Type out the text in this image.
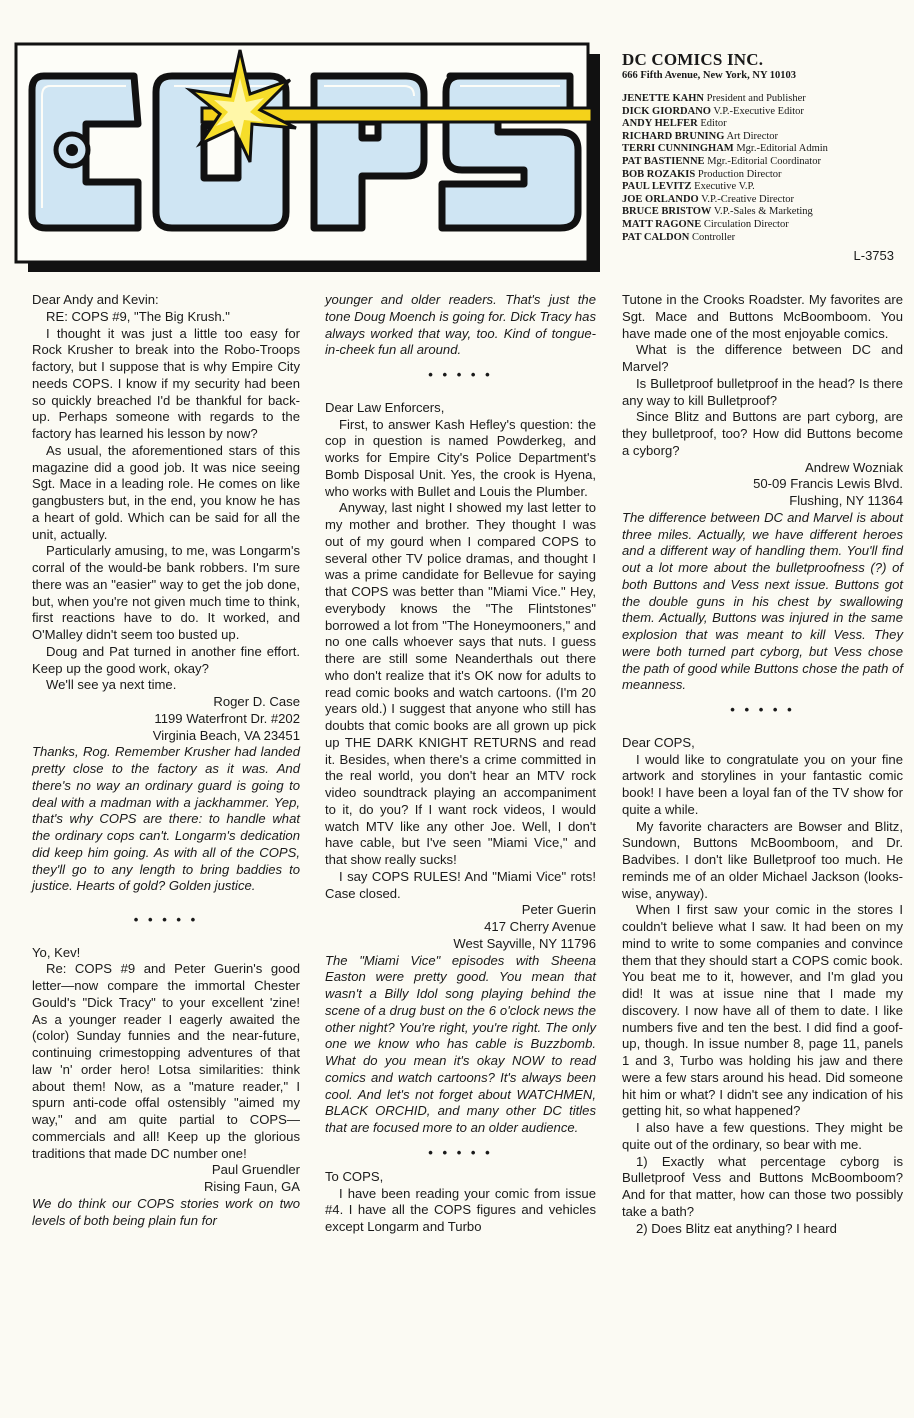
DC COMICS INC.
666 Fifth Avenue, New York, NY 10103
JENETTE KAHN President and Publisher
DICK GIORDANO V.P.-Executive Editor
ANDY HELFER Editor
RICHARD BRUNING Art Director
TERRI CUNNINGHAM Mgr.-Editorial Admin
PAT BASTIENNE Mgr.-Editorial Coordinator
BOB ROZAKIS Production Director
PAUL LEVITZ Executive V.P.
JOE ORLANDO V.P.-Creative Director
BRUCE BRISTOW V.P.-Sales & Marketing
MATT RAGONE Circulation Director
PAT CALDON Controller
L-3753

Dear Andy and Kevin:

RE: COPS #9, "The Big Krush."

I thought it was just a little too easy for Rock Krusher to break into the Robo-Troops factory, but I suppose that is why Empire City needs COPS. I know if my security had been so quickly breached I'd be thankful for back-up. Perhaps someone with regards to the factory has learned his lesson by now?

As usual, the aforementioned stars of this magazine did a good job. It was nice seeing Sgt. Mace in a leading role. He comes on like gangbusters but, in the end, you know he has a heart of gold. Which can be said for all the unit, actually.

Particularly amusing, to me, was Longarm's corral of the would-be bank robbers. I'm sure there was an "easier" way to get the job done, but, when you're not given much time to think, first reactions have to do. It worked, and O'Malley didn't seem too busted up.

Doug and Pat turned in another fine effort. Keep up the good work, okay?

We'll see ya next time.

Roger D. Case

1199 Waterfront Dr. #202

Virginia Beach, VA 23451

Thanks, Rog. Remember Krusher had landed pretty close to the factory as it was. And there's no way an ordinary guard is going to deal with a madman with a jackhammer. Yep, that's why COPS are there: to handle what the ordinary cops can't. Longarm's dedication did keep him going. As with all of the COPS, they'll go to any length to bring baddies to justice. Hearts of gold? Golden justice.

• • • • •

Yo, Kev!

Re: COPS #9 and Peter Guerin's good letter—now compare the immortal Chester Gould's "Dick Tracy" to your excellent 'zine! As a younger reader I eagerly awaited the (color) Sunday funnies and the near-future, continuing crimestopping adventures of that law 'n' order hero! Lotsa similarities: think about them! Now, as a "mature reader," I spurn anti-code offal ostensibly "aimed my way," and am quite partial to COPS—commercials and all! Keep up the glorious traditions that made DC number one!

Paul Gruendler

Rising Faun, GA

We do think our COPS stories work on two levels of both being plain fun for

younger and older readers. That's just the tone Doug Moench is going for. Dick Tracy has always worked that way, too. Kind of tongue-in-cheek fun all around.

• • • • •

Dear Law Enforcers,

First, to answer Kash Hefley's question: the cop in question is named Powderkeg, and works for Empire City's Police Department's Bomb Disposal Unit. Yes, the crook is Hyena, who works with Bullet and Louis the Plumber.

Anyway, last night I showed my last letter to my mother and brother. They thought I was out of my gourd when I compared COPS to several other TV police dramas, and thought I was a prime candidate for Bellevue for saying that COPS was better than "Miami Vice." Hey, everybody knows the "The Flintstones" borrowed a lot from "The Honeymooners," and no one calls whoever says that nuts. I guess there are still some Neanderthals out there who don't realize that it's OK now for adults to read comic books and watch cartoons. (I'm 20 years old.) I suggest that anyone who still has doubts that comic books are all grown up pick up THE DARK KNIGHT RETURNS and read it. Besides, when there's a crime committed in the real world, you don't hear an MTV rock video soundtrack playing an accompaniment to it, do you? If I want rock videos, I would watch MTV like any other Joe. Well, I don't have cable, but I've seen "Miami Vice," and that show really sucks!

I say COPS RULES! And "Miami Vice" rots! Case closed.

Peter Guerin

417 Cherry Avenue

West Sayville, NY 11796

The "Miami Vice" episodes with Sheena Easton were pretty good. You mean that wasn't a Billy Idol song playing behind the scene of a drug bust on the 6 o'clock news the other night? You're right, you're right. The only one we know who has cable is Buzzbomb. What do you mean it's okay NOW to read comics and watch cartoons? It's always been cool. And let's not forget about WATCHMEN, BLACK ORCHID, and many other DC titles that are focused more to an older audience.

• • • • •

To COPS,

I have been reading your comic from issue #4. I have all the COPS figures and vehicles except Longarm and Turbo

Tutone in the Crooks Roadster. My favorites are Sgt. Mace and Buttons McBoomboom. You have made one of the most enjoyable comics.

What is the difference between DC and Marvel?

Is Bulletproof bulletproof in the head? Is there any way to kill Bulletproof?

Since Blitz and Buttons are part cyborg, are they bulletproof, too? How did Buttons become a cyborg?

Andrew Wozniak

50-09 Francis Lewis Blvd.

Flushing, NY 11364

The difference between DC and Marvel is about three miles. Actually, we have different heroes and a different way of handling them. You'll find out a lot more about the bulletproofness (?) of both Buttons and Vess next issue. Buttons got the double guns in his chest by swallowing them. Actually, Buttons was injured in the same explosion that was meant to kill Vess. They were both turned part cyborg, but Vess chose the path of good while Buttons chose the path of meanness.

• • • • •

Dear COPS,

I would like to congratulate you on your fine artwork and storylines in your fantastic comic book! I have been a loyal fan of the TV show for quite a while.

My favorite characters are Bowser and Blitz, Sundown, Buttons McBoomboom, and Dr. Badvibes. I don't like Bulletproof too much. He reminds me of an older Michael Jackson (looks-wise, anyway).

When I first saw your comic in the stores I couldn't believe what I saw. It had been on my mind to write to some companies and convince them that they should start a COPS comic book. You beat me to it, however, and I'm glad you did! It was at issue nine that I made my discovery. I now have all of them to date. I like numbers five and ten the best. I did find a goof-up, though. In issue number 8, page 11, panels 1 and 3, Turbo was holding his jaw and there were a few stars around his head. Did someone hit him or what? I didn't see any indication of his getting hit, so what happened?

I also have a few questions. They might be quite out of the ordinary, so bear with me.

1) Exactly what percentage cyborg is Bulletproof Vess and Buttons McBoomboom? And for that matter, how can those two possibly take a bath?

2) Does Blitz eat anything? I heard
